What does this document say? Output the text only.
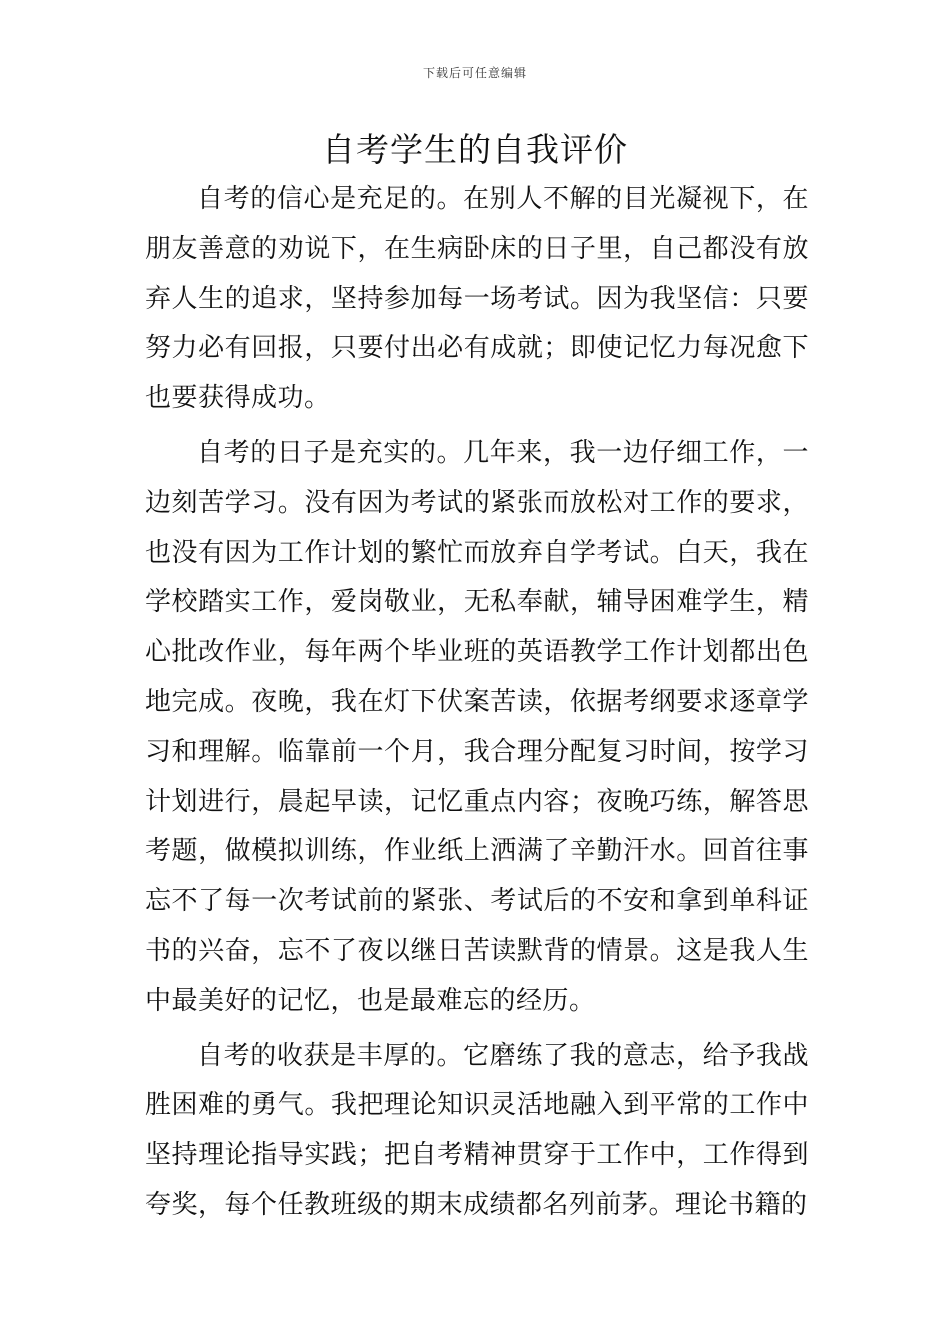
下载后可任意编辑
自考学生的自我评价

自考的信心是充足的。在别人不解的目光凝视下，在朋友善意的劝说下，在生病卧床的日子里，自己都没有放弃人生的追求，坚持参加每一场考试。因为我坚信：只要努力必有回报，只要付出必有成就；即使记忆力每况愈下也要获得成功。

自考的日子是充实的。几年来，我一边仔细工作，一边刻苦学习。没有因为考试的紧张而放松对工作的要求，也没有因为工作计划的繁忙而放弃自学考试。白天，我在学校踏实工作，爱岗敬业，无私奉献，辅导困难学生，精心批改作业，每年两个毕业班的英语教学工作计划都出色地完成。夜晚，我在灯下伏案苦读，依据考纲要求逐章学习和理解。临靠前一个月，我合理分配复习时间，按学习计划进行，晨起早读，记忆重点内容；夜晚巧练，解答思考题，做模拟训练，作业纸上洒满了辛勤汗水。回首往事忘不了每一次考试前的紧张、考试后的不安和拿到单科证书的兴奋，忘不了夜以继日苦读默背的情景。这是我人生中最美好的记忆，也是最难忘的经历。

自考的收获是丰厚的。它磨练了我的意志，给予我战胜困难的勇气。我把理论知识灵活地融入到平常的工作中坚持理论指导实践；把自考精神贯穿于工作中，工作得到夸奖，每个任教班级的期末成绩都名列前茅。理论书籍的
